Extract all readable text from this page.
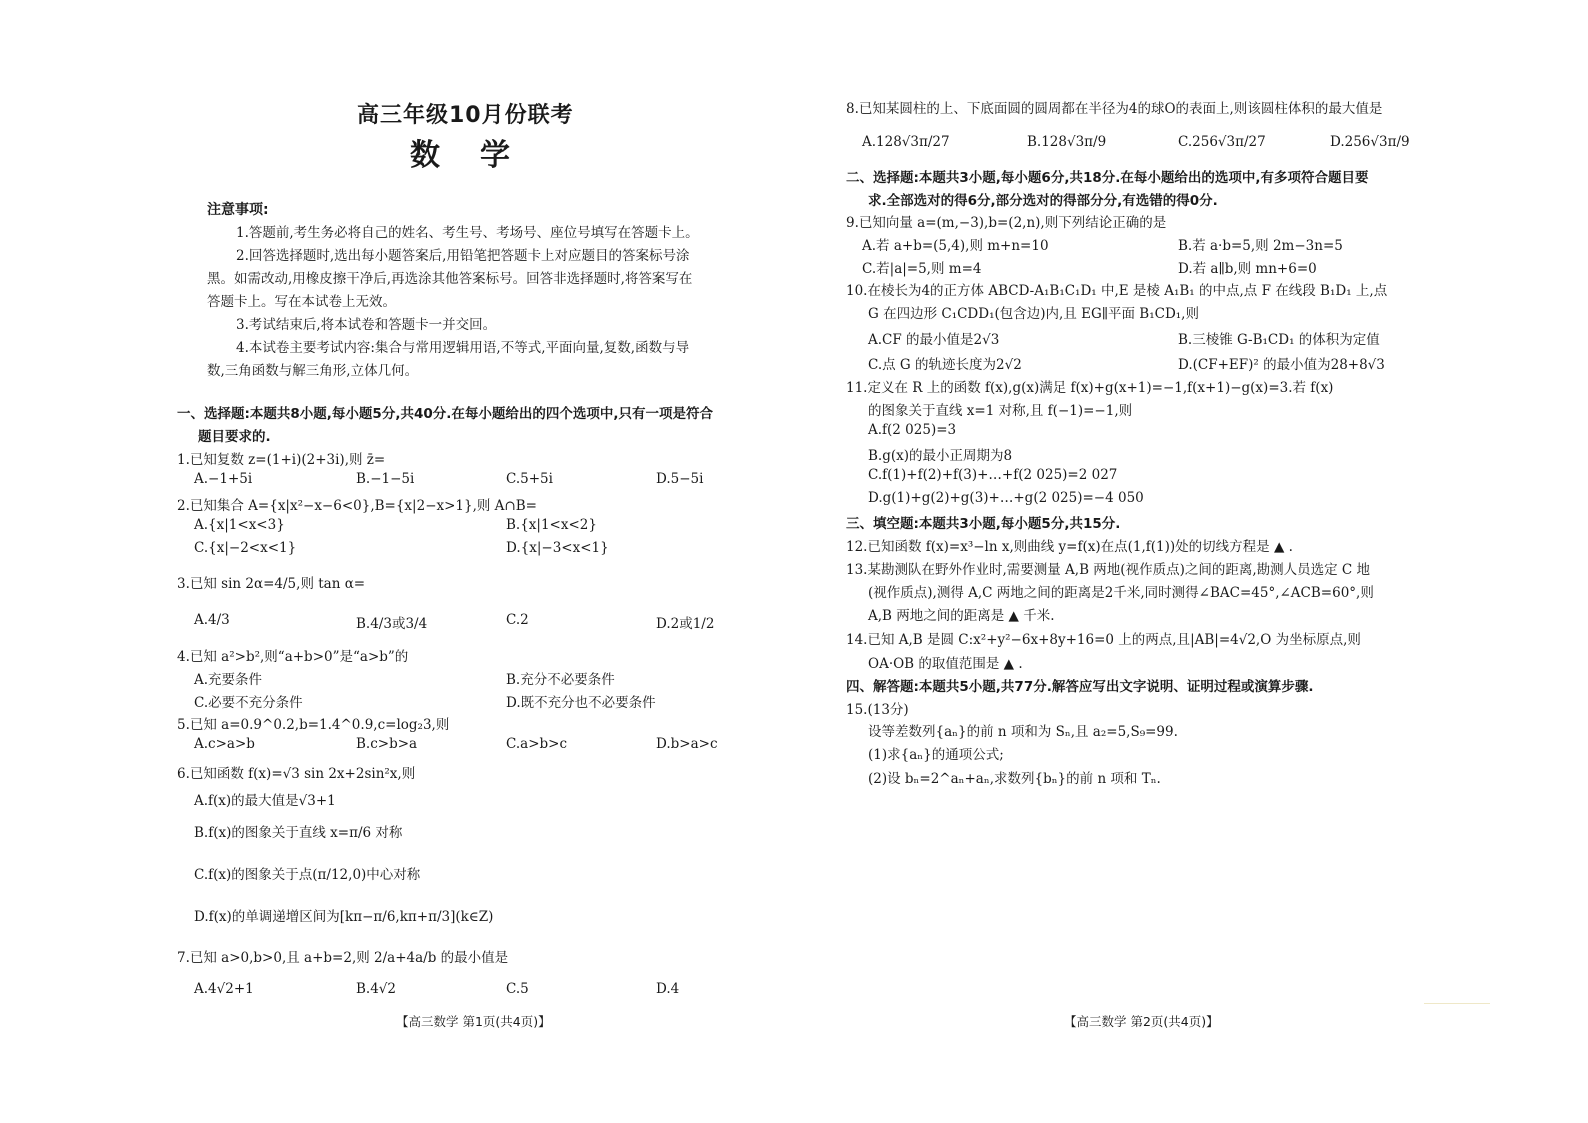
高三年级10月份联考
数学
注意事项:
1.答题前,考生务必将自己的姓名、考生号、考场号、座位号填写在答题卡上。
2.回答选择题时,选出每小题答案后,用铅笔把答题卡上对应题目的答案标号涂
黑。如需改动,用橡皮擦干净后,再选涂其他答案标号。回答非选择题时,将答案写在
答题卡上。写在本试卷上无效。
3.考试结束后,将本试卷和答题卡一并交回。
4.本试卷主要考试内容:集合与常用逻辑用语,不等式,平面向量,复数,函数与导
数,三角函数与解三角形,立体几何。
一、选择题:本题共8小题,每小题5分,共40分.在每小题给出的四个选项中,只有一项是符合
题目要求的.
1.已知复数 z=(1+i)(2+3i),则 z̄=
A.−1+5i	B.−1−5i	C.5+5i	D.5−5i
2.已知集合 A={x|x²−x−6<0},B={x|2−x>1},则 A∩B=
A.{x|1<x<3}	B.{x|1<x<2}
C.{x|−2<x<1}	D.{x|−3<x<1}
3.已知 sin 2α=4/5,则 tan α=
A.4/3	B.4/3或3/4	C.2	D.2或1/2
4.已知 a²>b²,则“a+b>0”是“a>b”的
A.充要条件	B.充分不必要条件
C.必要不充分条件	D.既不充分也不必要条件
5.已知 a=0.9^0.2,b=1.4^0.9,c=log₂3,则
A.c>a>b	B.c>b>a	C.a>b>c	D.b>a>c
6.已知函数 f(x)=√3 sin 2x+2sin²x,则
A.f(x)的最大值是√3+1
B.f(x)的图象关于直线 x=π/6 对称
C.f(x)的图象关于点(π/12,0)中心对称
D.f(x)的单调递增区间为[kπ−π/6,kπ+π/3](k∈Z)
7.已知 a>0,b>0,且 a+b=2,则 2/a+4a/b 的最小值是
A.4√2+1	B.4√2	C.5	D.4
【高三数学 第1页(共4页)】
8.已知某圆柱的上、下底面圆的圆周都在半径为4的球O的表面上,则该圆柱体积的最大值是
A.128√3π/27	B.128√3π/9	C.256√3π/27	D.256√3π/9
二、选择题:本题共3小题,每小题6分,共18分.在每小题给出的选项中,有多项符合题目要
求.全部选对的得6分,部分选对的得部分分,有选错的得0分.
9.已知向量 a=(m,−3),b=(2,n),则下列结论正确的是
A.若 a+b=(5,4),则 m+n=10	B.若 a·b=5,则 2m−3n=5
C.若|a|=5,则 m=4	D.若 a∥b,则 mn+6=0
10.在棱长为4的正方体 ABCD-A₁B₁C₁D₁ 中,E 是棱 A₁B₁ 的中点,点 F 在线段 B₁D₁ 上,点
G 在四边形 C₁CDD₁(包含边)内,且 EG∥平面 B₁CD₁,则
A.CF 的最小值是2√3	B.三棱锥 G-B₁CD₁ 的体积为定值
C.点 G 的轨迹长度为2√2	D.(CF+EF)² 的最小值为28+8√3
11.定义在 R 上的函数 f(x),g(x)满足 f(x)+g(x+1)=−1,f(x+1)−g(x)=3.若 f(x)
的图象关于直线 x=1 对称,且 f(−1)=−1,则
A.f(2 025)=3
B.g(x)的最小正周期为8
C.f(1)+f(2)+f(3)+…+f(2 025)=2 027
D.g(1)+g(2)+g(3)+…+g(2 025)=−4 050
三、填空题:本题共3小题,每小题5分,共15分.
12.已知函数 f(x)=x³−ln x,则曲线 y=f(x)在点(1,f(1))处的切线方程是 ▲ .
13.某勘测队在野外作业时,需要测量 A,B 两地(视作质点)之间的距离,勘测人员选定 C 地
(视作质点),测得 A,C 两地之间的距离是2千米,同时测得∠BAC=45°,∠ACB=60°,则
A,B 两地之间的距离是 ▲ 千米.
14.已知 A,B 是圆 C:x²+y²−6x+8y+16=0 上的两点,且|AB|=4√2,O 为坐标原点,则
OA·OB 的取值范围是 ▲ .
四、解答题:本题共5小题,共77分.解答应写出文字说明、证明过程或演算步骤.
15.(13分)
设等差数列{aₙ}的前 n 项和为 Sₙ,且 a₂=5,S₉=99.
(1)求{aₙ}的通项公式;
(2)设 bₙ=2^aₙ+aₙ,求数列{bₙ}的前 n 项和 Tₙ.
【高三数学 第2页(共4页)】
